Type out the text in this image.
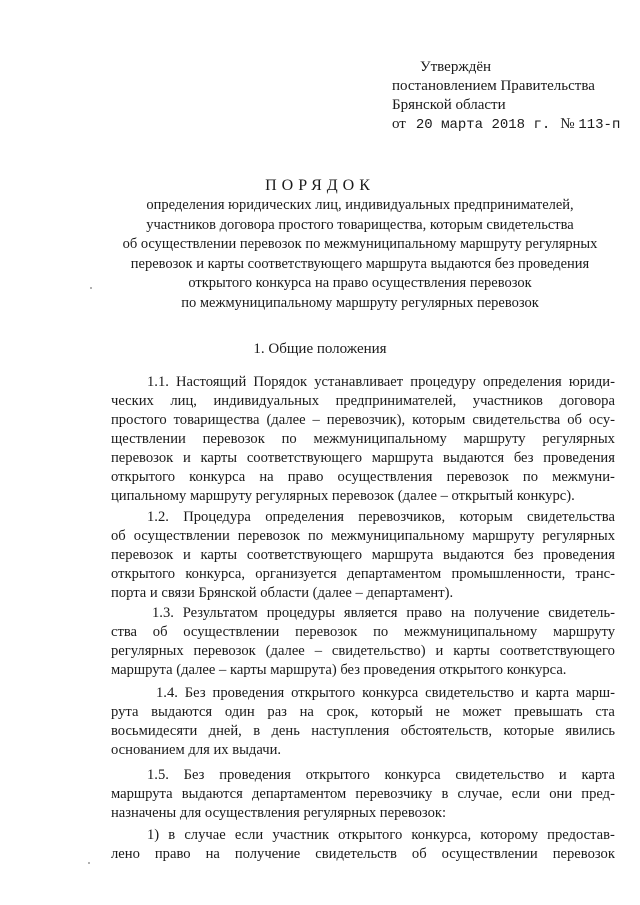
Утверждён
постановлением Правительства
Брянской области
от 20 марта 2018 г. № 113-п
ПОРЯДОК
определения юридических лиц, индивидуальных предпринимателей,
участников договора простого товарищества, которым свидетельства
об осуществлении перевозок по межмуниципальному маршруту регулярных
перевозок и карты соответствующего маршрута выдаются без проведения
открытого конкурса на право осуществления перевозок
по межмуниципальному маршруту регулярных перевозок
1. Общие положения
1.1. Настоящий Порядок устанавливает процедуру определения юриди-
ческих лиц, индивидуальных предпринимателей, участников договора
простого товарищества (далее – перевозчик), которым свидетельства об осу-
ществлении перевозок по межмуниципальному маршруту регулярных
перевозок и карты соответствующего маршрута выдаются без проведения
открытого конкурса на право осуществления перевозок по межмуни-
ципальному маршруту регулярных перевозок (далее – открытый конкурс).
1.2. Процедура определения перевозчиков, которым свидетельства
об осуществлении перевозок по межмуниципальному маршруту регулярных
перевозок и карты соответствующего маршрута выдаются без проведения
открытого конкурса, организуется департаментом промышленности, транс-
порта и связи Брянской области (далее – департамент).
1.3. Результатом процедуры является право на получение свидетель-
ства об осуществлении перевозок по межмуниципальному маршруту
регулярных перевозок (далее – свидетельство) и карты соответствующего
маршрута (далее – карты маршрута) без проведения открытого конкурса.
1.4. Без проведения открытого конкурса свидетельство и карта марш-
рута выдаются один раз на срок, который не может превышать ста
восьмидесяти дней, в день наступления обстоятельств, которые явились
основанием для их выдачи.
1.5. Без проведения открытого конкурса свидетельство и карта
маршрута выдаются департаментом перевозчику в случае, если они пред-
назначены для осуществления регулярных перевозок:
1) в случае если участник открытого конкурса, которому предостав-
лено право на получение свидетельств об осуществлении перевозок
